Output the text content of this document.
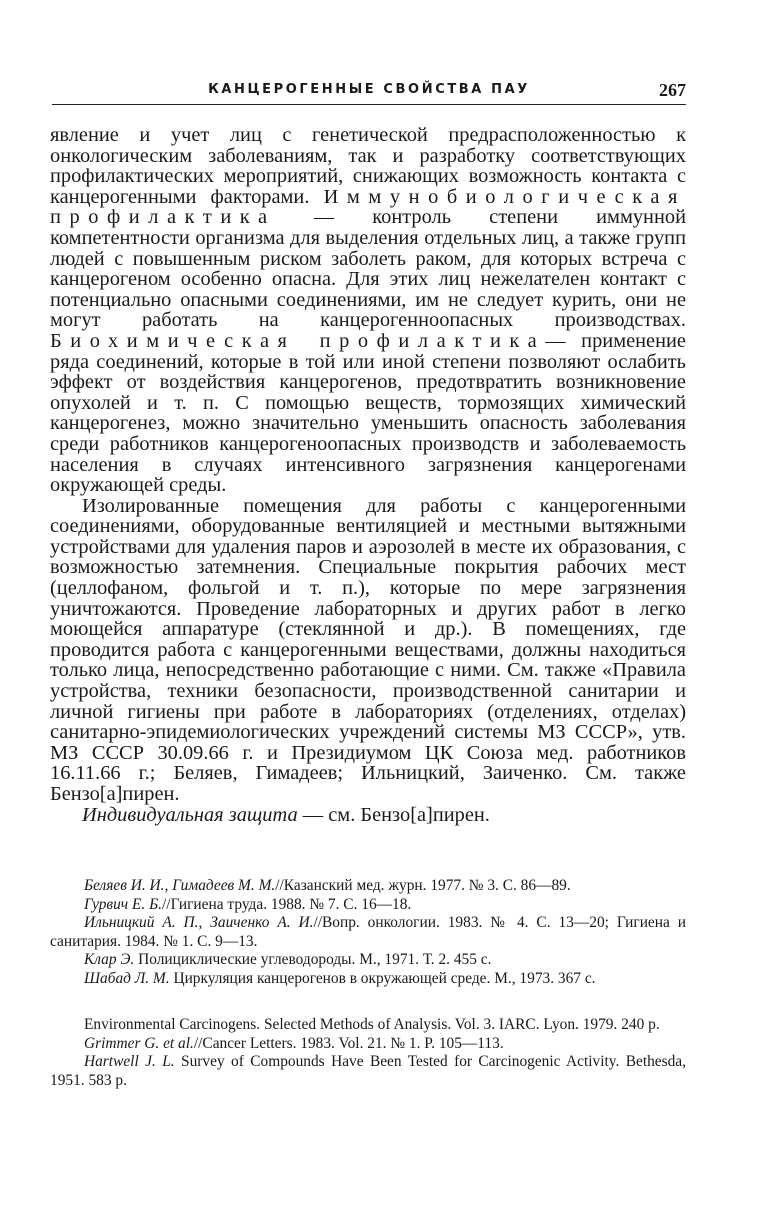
КАНЦЕРОГЕННЫЕ СВОЙСТВА ПАУ	267

явление и учет лиц с генетической предрасположенностью к онкологическим заболеваниям, так и разработку соответствующих профилактических мероприятий, снижающих возможность контакта с канцерогенными факторами. Иммунобиологическая профилактика — контроль степени иммунной компетентности организма для выделения отдельных лиц, а также групп людей с повышенным риском заболеть раком, для которых встреча с канцерогеном особенно опасна. Для этих лиц нежелателен контакт с потенциально опасными соединениями, им не следует курить, они не могут работать на канцерогенноопасных производствах. Биохимическая профилактика— применение ряда соединений, которые в той или иной степени позволяют ослабить эффект от воздействия канцерогенов, предотвратить возникновение опухолей и т. п. С помощью веществ, тормозящих химический канцерогенез, можно значительно уменьшить опасность заболевания среди работников канцерогеноопасных производств и заболеваемость населения в случаях интенсивного загрязнения канцерогенами окружающей среды.

Изолированные помещения для работы с канцерогенными соединениями, оборудованные вентиляцией и местными вытяжными устройствами для удаления паров и аэрозолей в месте их образования, с возможностью затемнения. Специальные покрытия рабочих мест (целлофаном, фольгой и т. п.), которые по мере загрязнения уничтожаются. Проведение лабораторных и других работ в легко моющейся аппаратуре (стеклянной и др.). В помещениях, где проводится работа с канцерогенными веществами, должны находиться только лица, непосредственно работающие с ними. См. также «Правила устройства, техники безопасности, производственной санитарии и личной гигиены при работе в лабораториях (отделениях, отделах) санитарно-эпидемиологических учреждений системы МЗ СССР», утв. МЗ СССР 30.09.66 г. и Президиумом ЦК Союза мед. работников 16.11.66 г.; Беляев, Гимадеев; Ильницкий, Заиченко. См. также Бензо[а]пирен.

Индивидуальная защита — см. Бензо[а]пирен.

Беляев И. И., Гимадеев М. М.//Казанский мед. журн. 1977. № 3. С. 86—89.

Гурвич Е. Б.//Гигиена труда. 1988. № 7. С. 16—18.

Ильницкий А. П., Заиченко А. И.//Вопр. онкологии. 1983. № 4. С. 13—20; Гигиена и санитария. 1984. № 1. С. 9—13.

Клар Э. Полициклические углеводороды. М., 1971. Т. 2. 455 с.

Шабад Л. М. Циркуляция канцерогенов в окружающей среде. М., 1973. 367 с.

Environmental Carcinogens. Selected Methods of Analysis. Vol. 3. IARC. Lyon. 1979. 240 p.

Grimmer G. et al.//Cancer Letters. 1983. Vol. 21. № 1. P. 105—113.

Hartwell J. L. Survey of Compounds Have Been Tested for Carcinogenic Activity. Bethesda, 1951. 583 p.
